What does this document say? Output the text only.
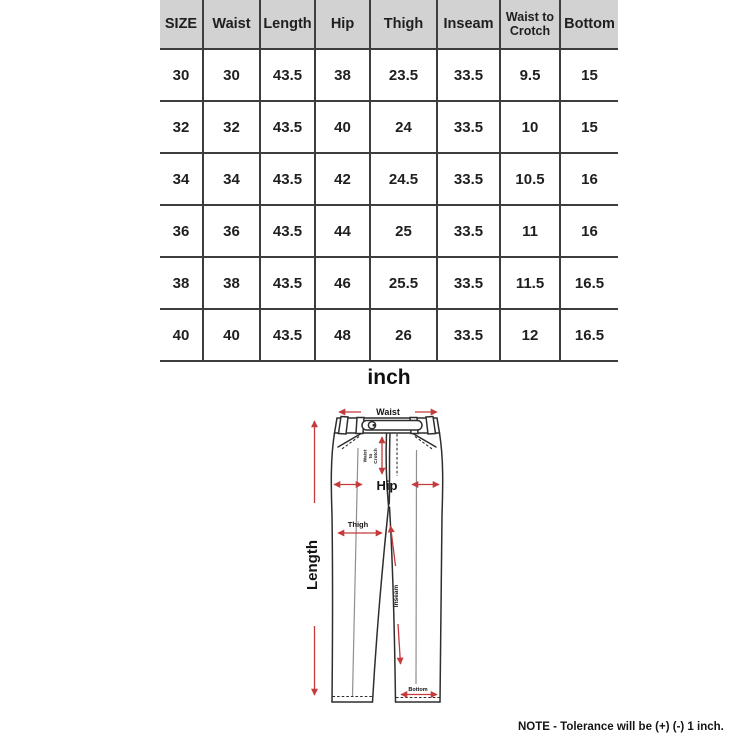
SIZE	Waist	Length	Hip	Thigh	Inseam	Waist to Crotch	Bottom
30	30	43.5	38	23.5	33.5	9.5	15
32	32	43.5	40	24	33.5	10	15
34	34	43.5	42	24.5	33.5	10.5	16
36	36	43.5	44	25	33.5	11	16
38	38	43.5	46	25.5	33.5	11.5	16.5
40	40	43.5	48	26	33.5	12	16.5
inch
Waist
Waist to Crotch
Hip
Thigh
Length
Inseam
Bottom
NOTE - Tolerance will be (+) (-) 1 inch.
